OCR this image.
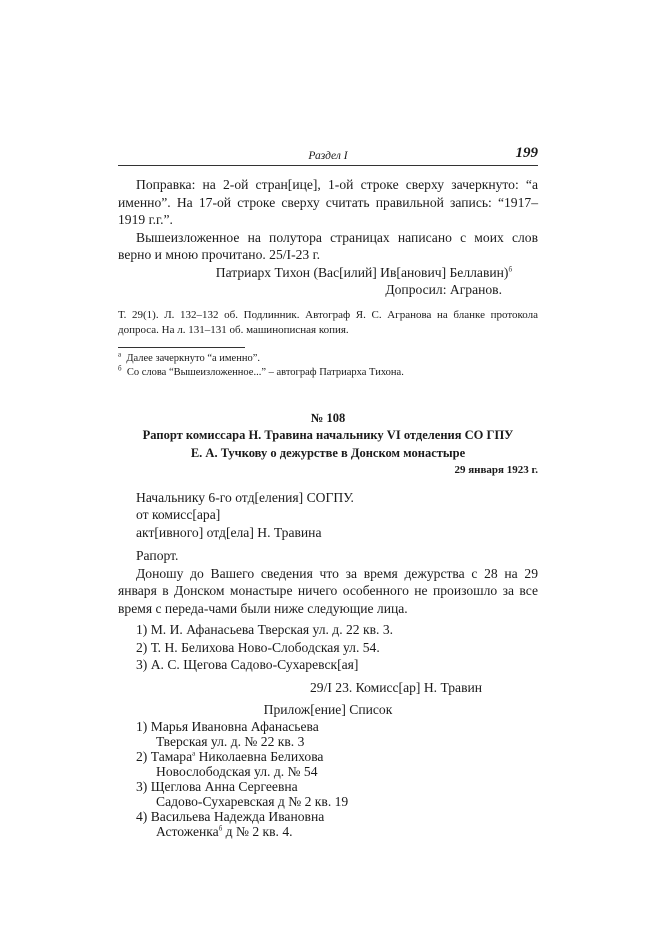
Раздел I	199
Поправка: на 2-ой стран[ице], 1-ой строке сверху зачеркнуто: “а именно”. На 17-ой строке сверху считать правильной запись: “1917–1919 г.г.”.
Вышеизложенное на полутора страницах написано с моих слов верно и мною прочитано. 25/I-23 г.
Патриарх Тихон (Вас[илий] Ив[анович] Беллавин)$^б$
Допросил: Агранов.
Т. 29(1). Л. 132–132 об. Подлинник. Автограф Я. С. Агранова на бланке протокола допроса. На л. 131–131 об. машинописная копия.
$^а$ Далее зачеркнуто “а именно”.
$^б$ Со слова “Вышеизложенное...” – автограф Патриарха Тихона.
№ 108
Рапорт комиссара Н. Травина начальнику VI отделения СО ГПУ
Е. А. Тучкову о дежурстве в Донском монастыре
29 января 1923 г.
Начальнику 6-го отд[еления] СОГПУ.
от комисс[ара]
акт[ивного] отд[ела] Н. Травина
Рапорт.
Доношу до Вашего сведения что за время дежурства с 28 на 29 января в Донском монастыре ничего особенного не произошло за все время с переда-чами были ниже следующие лица.
1) М. И. Афанасьева Тверская ул. д. 22 кв. 3.
2) Т. Н. Белихова Ново-Слободская ул. 54.
3) А. С. Щегова Садово-Сухаревск[ая]
29/I 23. Комисс[ар] Н. Травин
Прилож[ение] Список
1) Марья Ивановна Афанасьева
Тверская ул. д. № 22 кв. 3
2) Тамара$^а$ Николаевна Белихова
Новослободская ул. д. № 54
3) Щеглова Анна Сергеевна
Садово-Сухаревская д № 2 кв. 19
4) Васильева Надежда Ивановна
Астоженка$^б$ д № 2 кв. 4.
